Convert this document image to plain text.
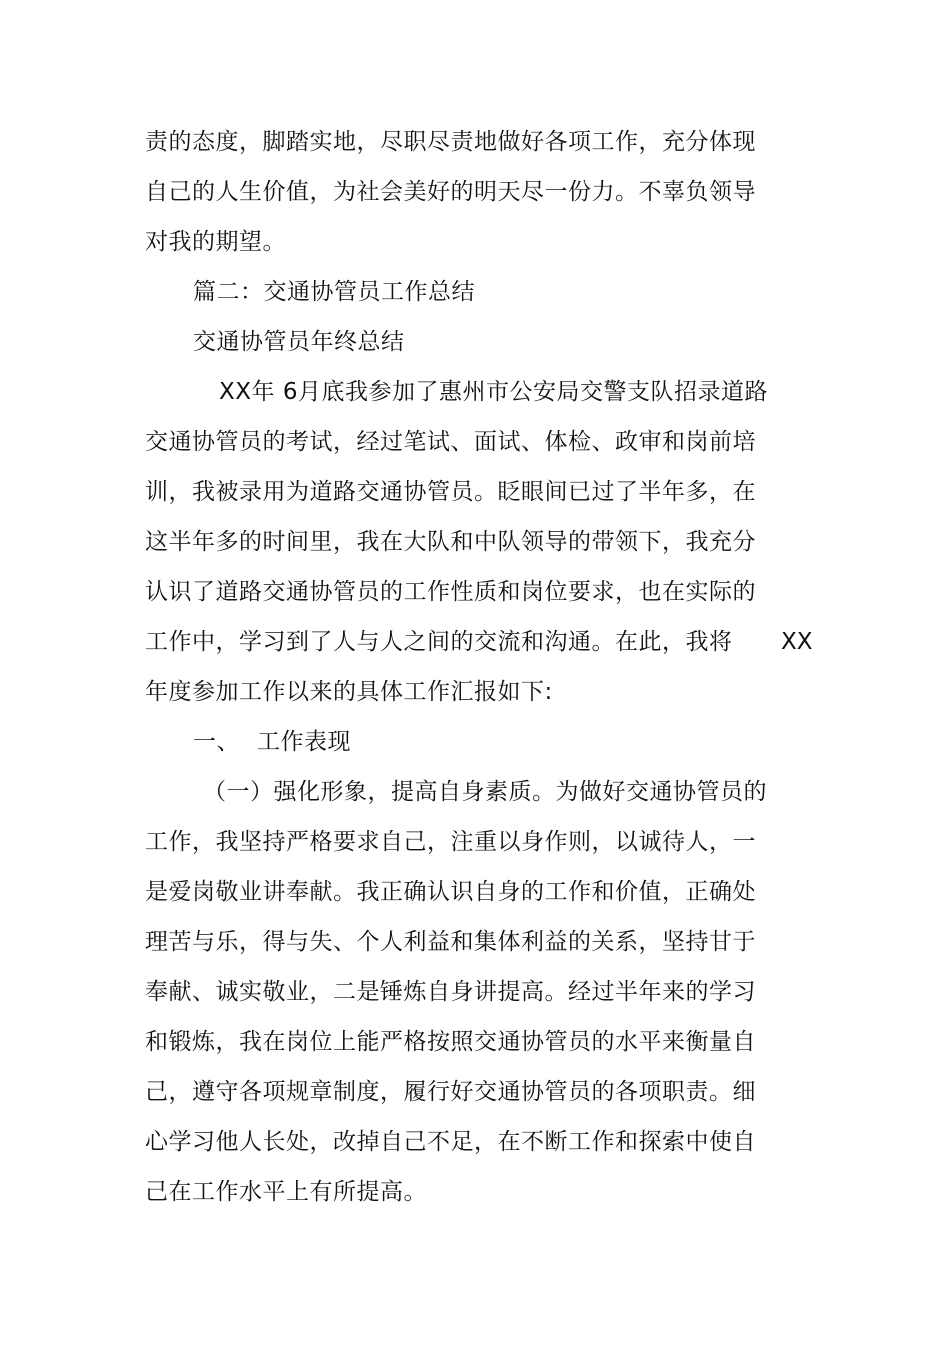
责的态度，脚踏实地，尽职尽责地做好各项工作，充分体现
自己的人生价值，为社会美好的明天尽一份力。不辜负领导
对我的期望。
篇二：交通协管员工作总结
交通协管员年终总结
XX年 6月底我参加了惠州市公安局交警支队招录道路
交通协管员的考试，经过笔试、面试、体检、政审和岗前培
训，我被录用为道路交通协管员。眨眼间已过了半年多，在
这半年多的时间里，我在大队和中队领导的带领下，我充分
认识了道路交通协管员的工作性质和岗位要求，也在实际的
工作中，学习到了人与人之间的交流和沟通。在此，我将 XX
年度参加工作以来的具体工作汇报如下:
一、 工作表现
（一）强化形象，提高自身素质。为做好交通协管员的
工作，我坚持严格要求自己，注重以身作则，以诚待人，一
是爱岗敬业讲奉献。我正确认识自身的工作和价值，正确处
理苦与乐，得与失、个人利益和集体利益的关系，坚持甘于
奉献、诚实敬业，二是锤炼自身讲提高。经过半年来的学习
和锻炼，我在岗位上能严格按照交通协管员的水平来衡量自
己，遵守各项规章制度，履行好交通协管员的各项职责。细
心学习他人长处，改掉自己不足，在不断工作和探索中使自
己在工作水平上有所提高。
